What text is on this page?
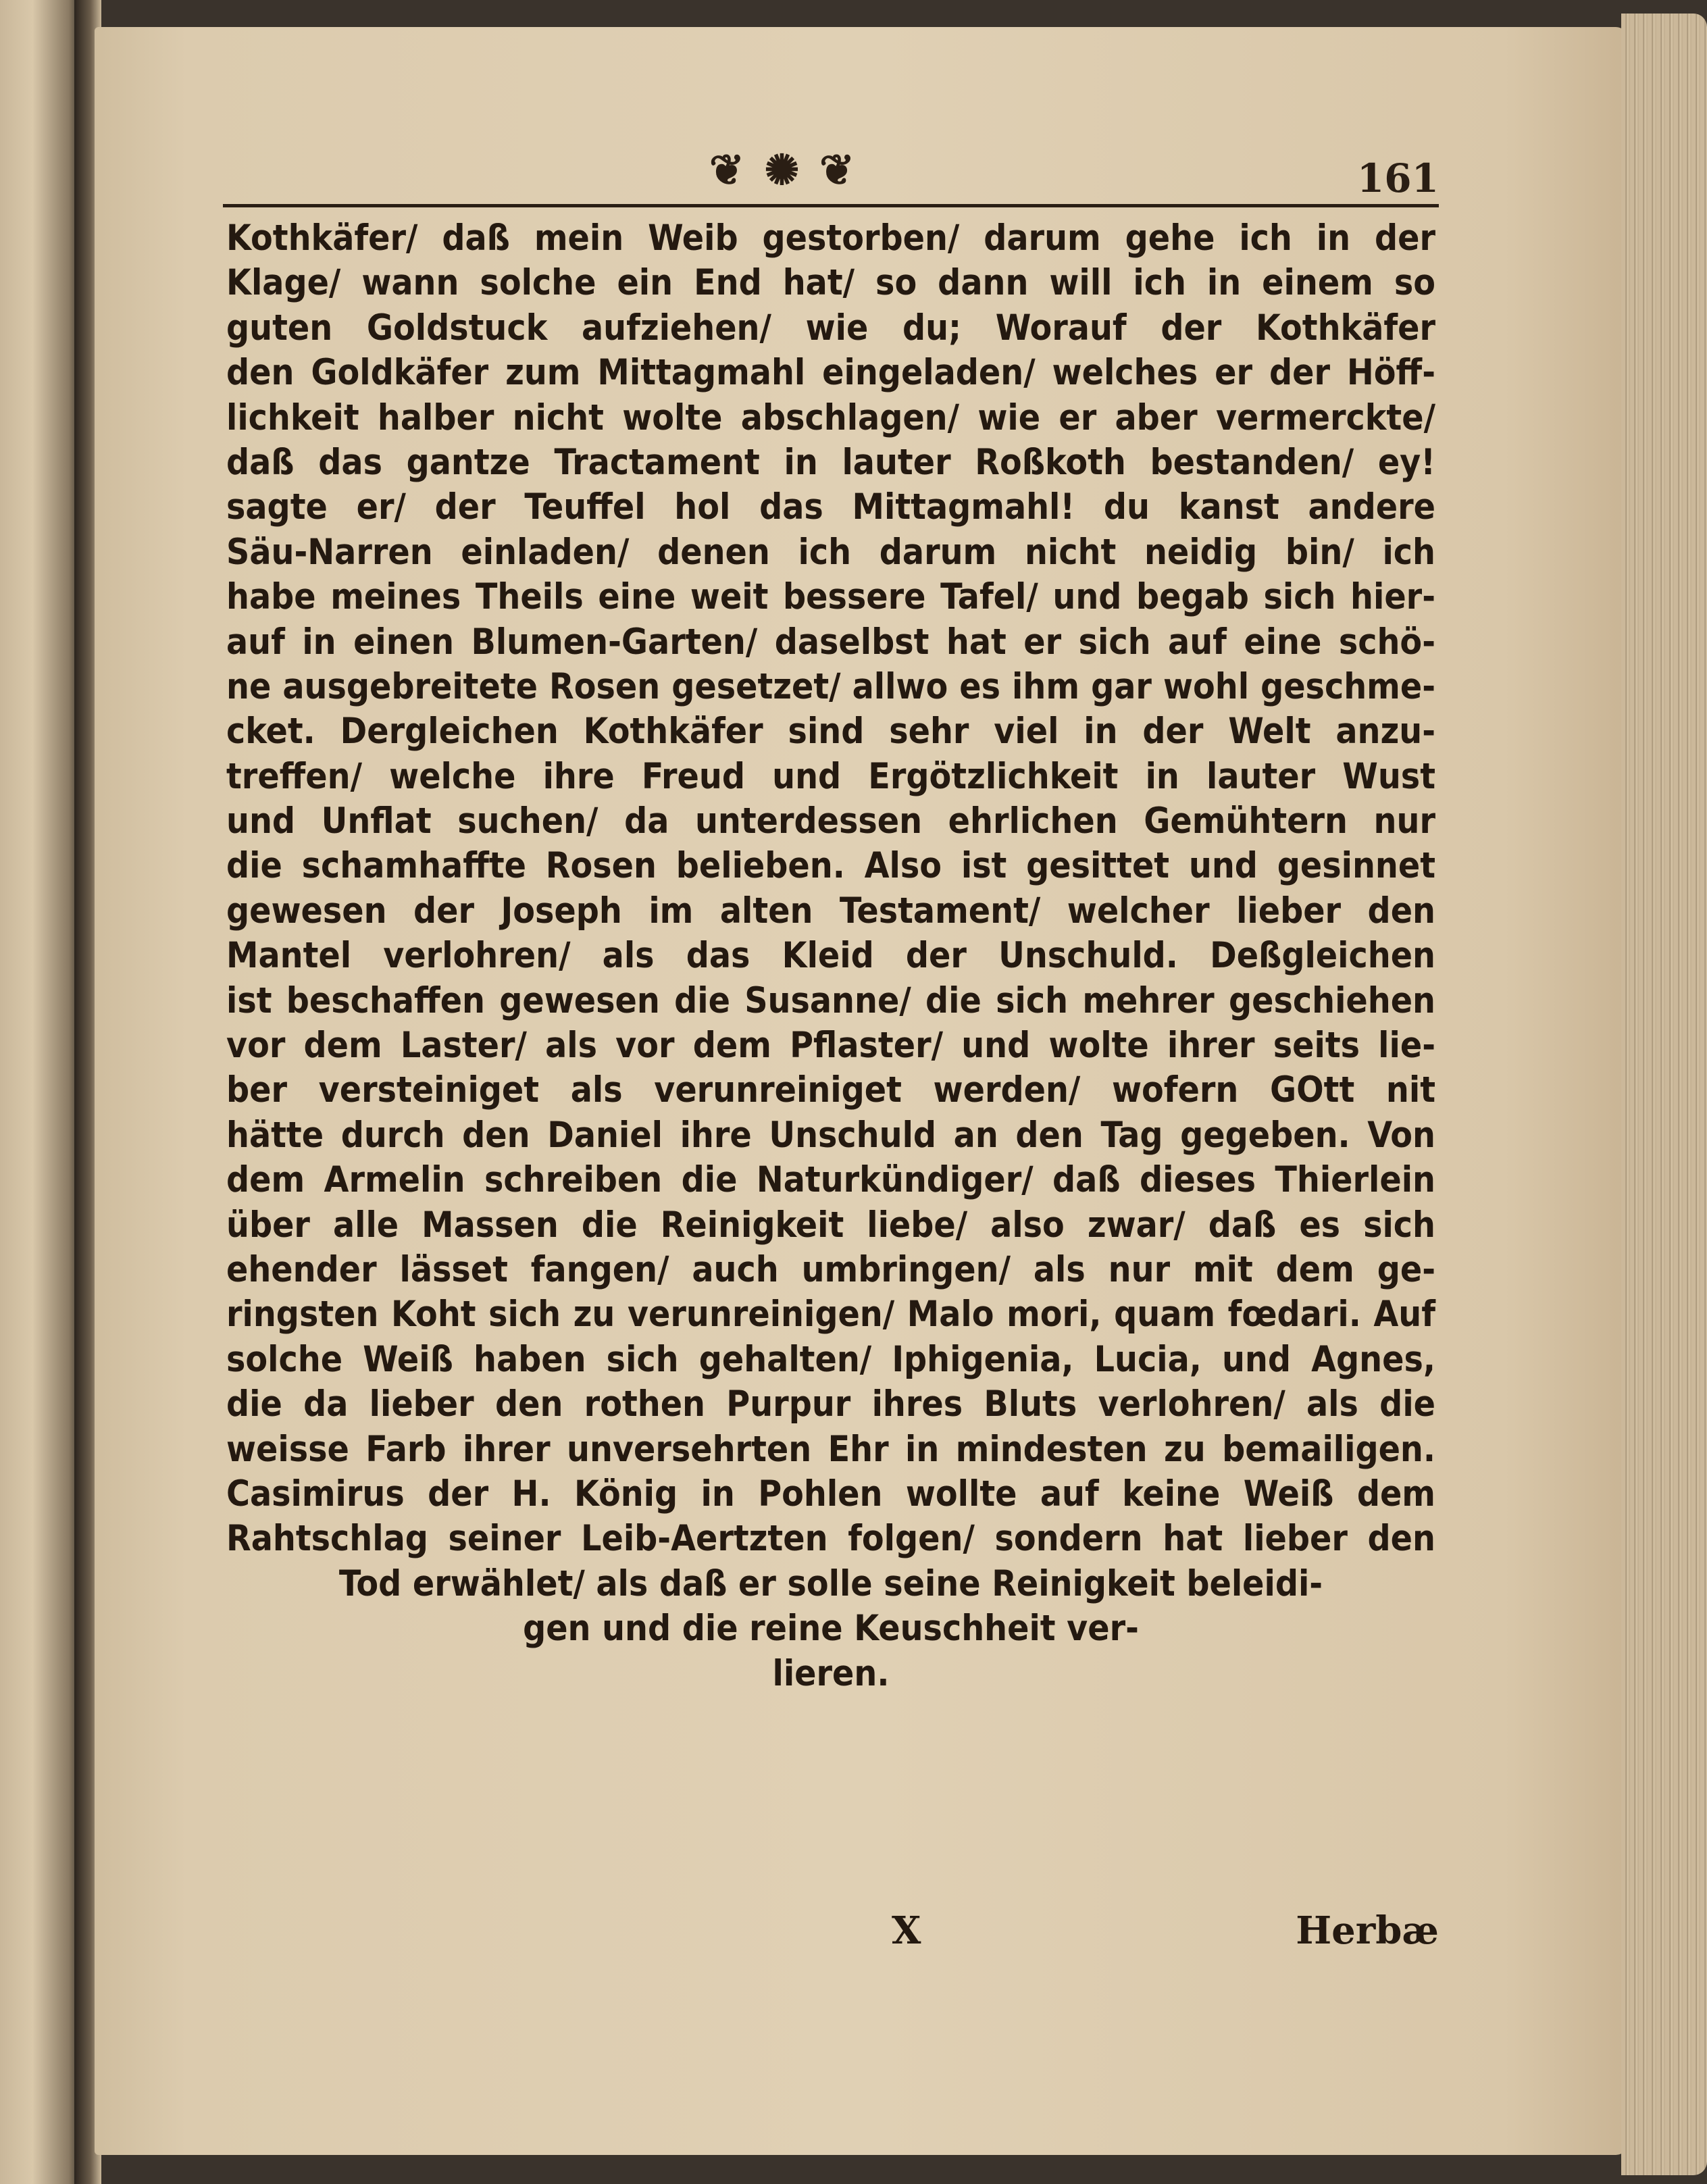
❦ ✺ ❦	161
Kothkäfer/ daß mein Weib gestorben/ darum gehe ich in der
Klage/ wann solche ein End hat/ so dann will ich in einem so
guten Goldstuck aufziehen/ wie du; Worauf der Kothkäfer
den Goldkäfer zum Mittagmahl eingeladen/ welches er der Höff-
lichkeit halber nicht wolte abschlagen/ wie er aber vermerckte/
daß das gantze Tractament in lauter Roßkoth bestanden/ ey!
sagte er/ der Teuffel hol das Mittagmahl! du kanst andere
Säu-Narren einladen/ denen ich darum nicht neidig bin/ ich
habe meines Theils eine weit bessere Tafel/ und begab sich hier-
auf in einen Blumen-Garten/ daselbst hat er sich auf eine schö-
ne ausgebreitete Rosen gesetzet/ allwo es ihm gar wohl geschme-
cket. Dergleichen Kothkäfer sind sehr viel in der Welt anzu-
treffen/ welche ihre Freud und Ergötzlichkeit in lauter Wust
und Unflat suchen/ da unterdessen ehrlichen Gemühtern nur
die schamhaffte Rosen belieben. Also ist gesittet und gesinnet
gewesen der Joseph im alten Testament/ welcher lieber den
Mantel verlohren/ als das Kleid der Unschuld. Deßgleichen
ist beschaffen gewesen die Susanne/ die sich mehrer geschiehen
vor dem Laster/ als vor dem Pflaster/ und wolte ihrer seits lie-
ber versteiniget als verunreiniget werden/ wofern GOtt nit
hätte durch den Daniel ihre Unschuld an den Tag gegeben. Von
dem Armelin schreiben die Naturkündiger/ daß dieses Thierlein
über alle Massen die Reinigkeit liebe/ also zwar/ daß es sich
ehender lässet fangen/ auch umbringen/ als nur mit dem ge-
ringsten Koht sich zu verunreinigen/ Malo mori, quam fœdari. Auf
solche Weiß haben sich gehalten/ Iphigenia, Lucia, und Agnes,
die da lieber den rothen Purpur ihres Bluts verlohren/ als die
weisse Farb ihrer unversehrten Ehr in mindesten zu bemailigen.
Casimirus der H. König in Pohlen wollte auf keine Weiß dem
Rahtschlag seiner Leib-Aertzten folgen/ sondern hat lieber den
Tod erwählet/ als daß er solle seine Reinigkeit beleidi-
gen und die reine Keuschheit ver-
lieren.
X	Herbæ
